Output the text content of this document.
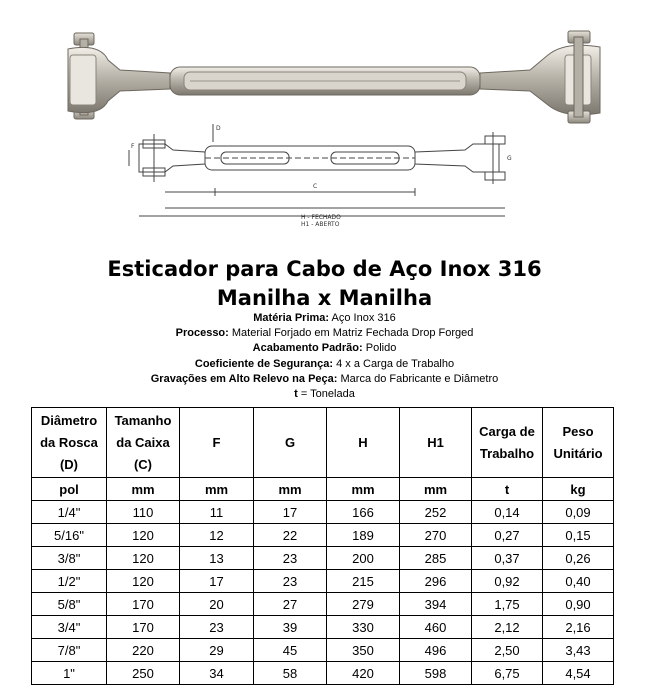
D
C
F
G
H - FECHADO
H1 - ABERTO
Esticador para Cabo de Aço Inox 316
Manilha x Manilha
Matéria Prima: Aço Inox 316
Processo: Material Forjado em Matriz Fechada Drop Forged
Acabamento Padrão: Polido
Coeficiente de Segurança: 4 x a Carga de Trabalho
Gravações em Alto Relevo na Peça: Marca do Fabricante e Diâmetro
t = Tonelada
Diâmetro
da Rosca
(D)	Tamanho
da Caixa
(C)	F	G	H	H1	Carga de
Trabalho	Peso
Unitário
pol	mm	mm	mm	mm	mm	t	kg
1/4"	110	11	17	166	252	0,14	0,09
5/16"	120	12	22	189	270	0,27	0,15
3/8"	120	13	23	200	285	0,37	0,26
1/2"	120	17	23	215	296	0,92	0,40
5/8"	170	20	27	279	394	1,75	0,90
3/4"	170	23	39	330	460	2,12	2,16
7/8"	220	29	45	350	496	2,50	3,43
1"	250	34	58	420	598	6,75	4,54
